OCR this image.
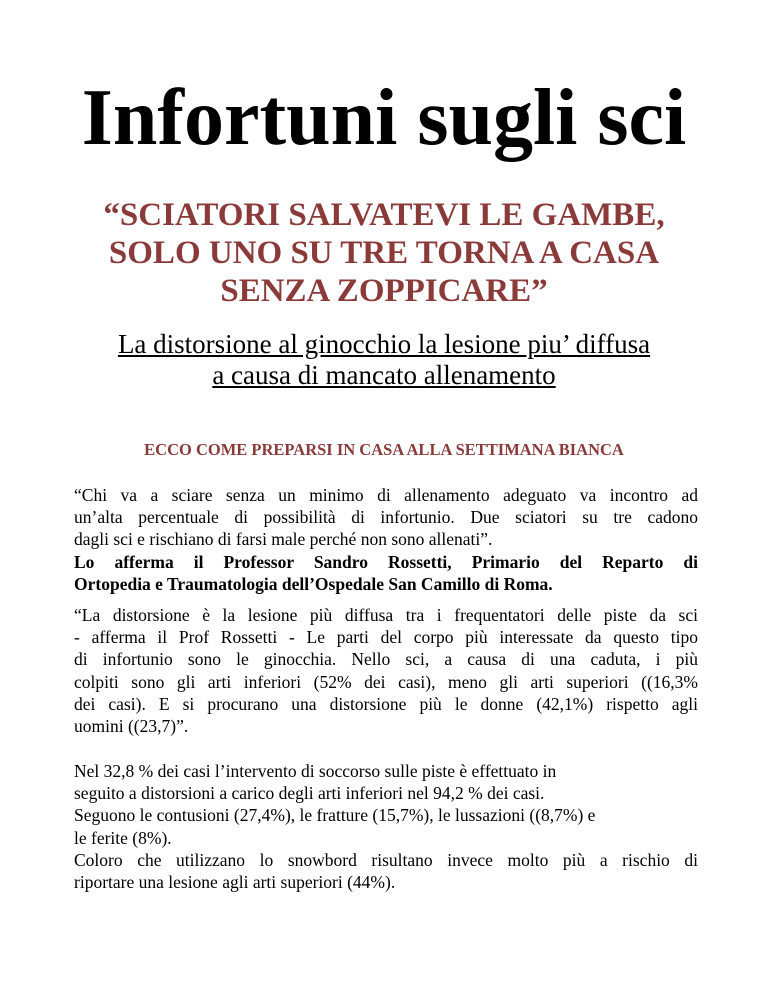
Infortuni sugli sci
“SCIATORI SALVATEVI LE GAMBE,
SOLO UNO SU TRE TORNA A CASA
SENZA ZOPPICARE”
La distorsione al ginocchio la lesione piu’ diffusa
a causa di mancato allenamento

ECCO COME PREPARSI IN CASA ALLA SETTIMANA BIANCA

“Chi va a sciare senza un minimo di allenamento adeguato va incontro ad
un’alta percentuale di possibilità di infortunio. Due sciatori su tre cadono
dagli sci e rischiano di farsi male perché non sono allenati”.
Lo afferma il Professor Sandro Rossetti, Primario del Reparto di
Ortopedia e Traumatologia dell’Ospedale San Camillo di Roma.
“La distorsione è la lesione più diffusa tra i frequentatori delle piste da sci
- afferma il Prof Rossetti - Le parti del corpo più interessate da questo tipo
di infortunio sono le ginocchia. Nello sci, a causa di una caduta, i più
colpiti sono gli arti inferiori (52% dei casi), meno gli arti superiori ((16,3%
dei casi). E si procurano una distorsione più le donne (42,1%) rispetto agli
uomini ((23,7)”.
Nel 32,8 % dei casi l’intervento di soccorso sulle piste è effettuato in
seguito a distorsioni a carico degli arti inferiori nel 94,2 % dei casi.
Seguono le contusioni (27,4%), le fratture (15,7%), le lussazioni ((8,7%) e
le ferite (8%).
Coloro che utilizzano lo snowbord risultano invece molto più a rischio di
riportare una lesione agli arti superiori (44%).
